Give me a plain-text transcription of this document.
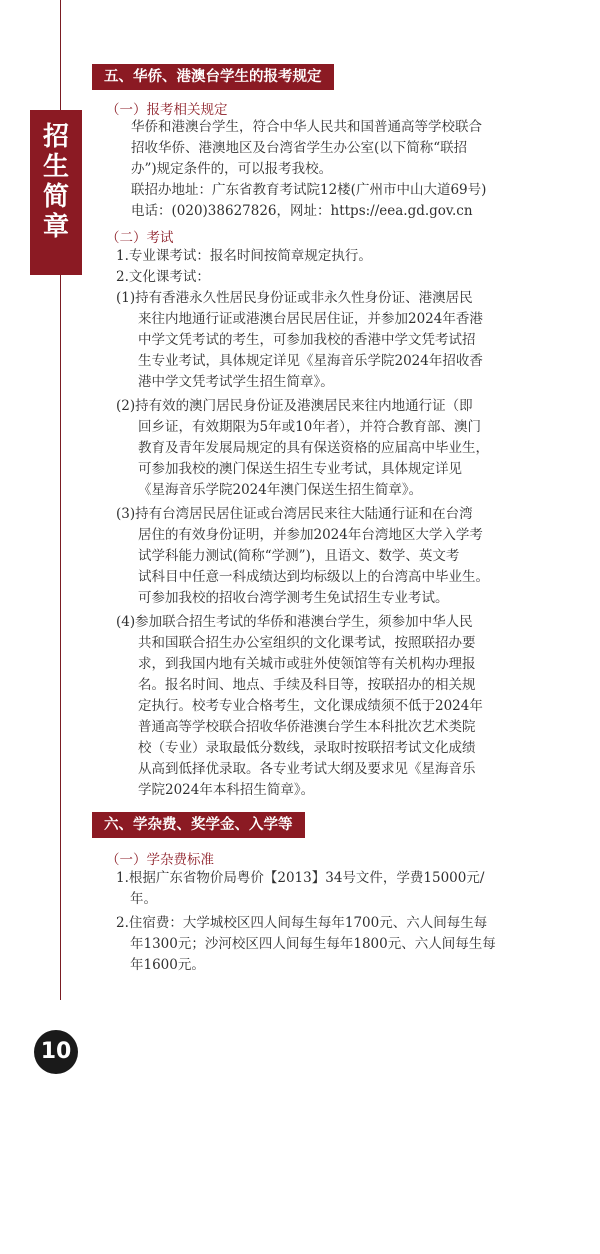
招
生
简
章
五、华侨、港澳台学生的报考规定
（一）报考相关规定
华侨和港澳台学生，符合中华人民共和国普通高等学校联合
招收华侨、港澳地区及台湾省学生办公室(以下简称“联招
办”)规定条件的，可以报考我校。
联招办地址：广东省教育考试院12楼(广州市中山大道69号)
电话：(020)38627826，网址：https://eea.gd.gov.cn
（二）考试
1.专业课考试：报名时间按简章规定执行。
2.文化课考试：
(1)持有香港永久性居民身份证或非永久性身份证、港澳居民
来往内地通行证或港澳台居民居住证，并参加2024年香港
中学文凭考试的考生，可参加我校的香港中学文凭考试招
生专业考试，具体规定详见《星海音乐学院2024年招收香
港中学文凭考试学生招生简章》。
(2)持有效的澳门居民身份证及港澳居民来往内地通行证（即
回乡证，有效期限为5年或10年者），并符合教育部、澳门
教育及青年发展局规定的具有保送资格的应届高中毕业生，
可参加我校的澳门保送生招生专业考试，具体规定详见
《星海音乐学院2024年澳门保送生招生简章》。
(3)持有台湾居民居住证或台湾居民来往大陆通行证和在台湾
居住的有效身份证明，并参加2024年台湾地区大学入学考
试学科能力测试(简称“学测”)，且语文、数学、英文考
试科目中任意一科成绩达到均标级以上的台湾高中毕业生。
可参加我校的招收台湾学测考生免试招生专业考试。
(4)参加联合招生考试的华侨和港澳台学生，须参加中华人民
共和国联合招生办公室组织的文化课考试，按照联招办要
求，到我国内地有关城市或驻外使领馆等有关机构办理报
名。报名时间、地点、手续及科目等，按联招办的相关规
定执行。校考专业合格考生，文化课成绩须不低于2024年
普通高等学校联合招收华侨港澳台学生本科批次艺术类院
校（专业）录取最低分数线，录取时按联招考试文化成绩
从高到低择优录取。各专业考试大纲及要求见《星海音乐
学院2024年本科招生简章》。
六、学杂费、奖学金、入学等
（一）学杂费标准
1.根据广东省物价局粤价【2013】34号文件，学费15000元/
年。
2.住宿费：大学城校区四人间每生每年1700元、六人间每生每
年1300元；沙河校区四人间每生每年1800元、六人间每生每
年1600元。
10
